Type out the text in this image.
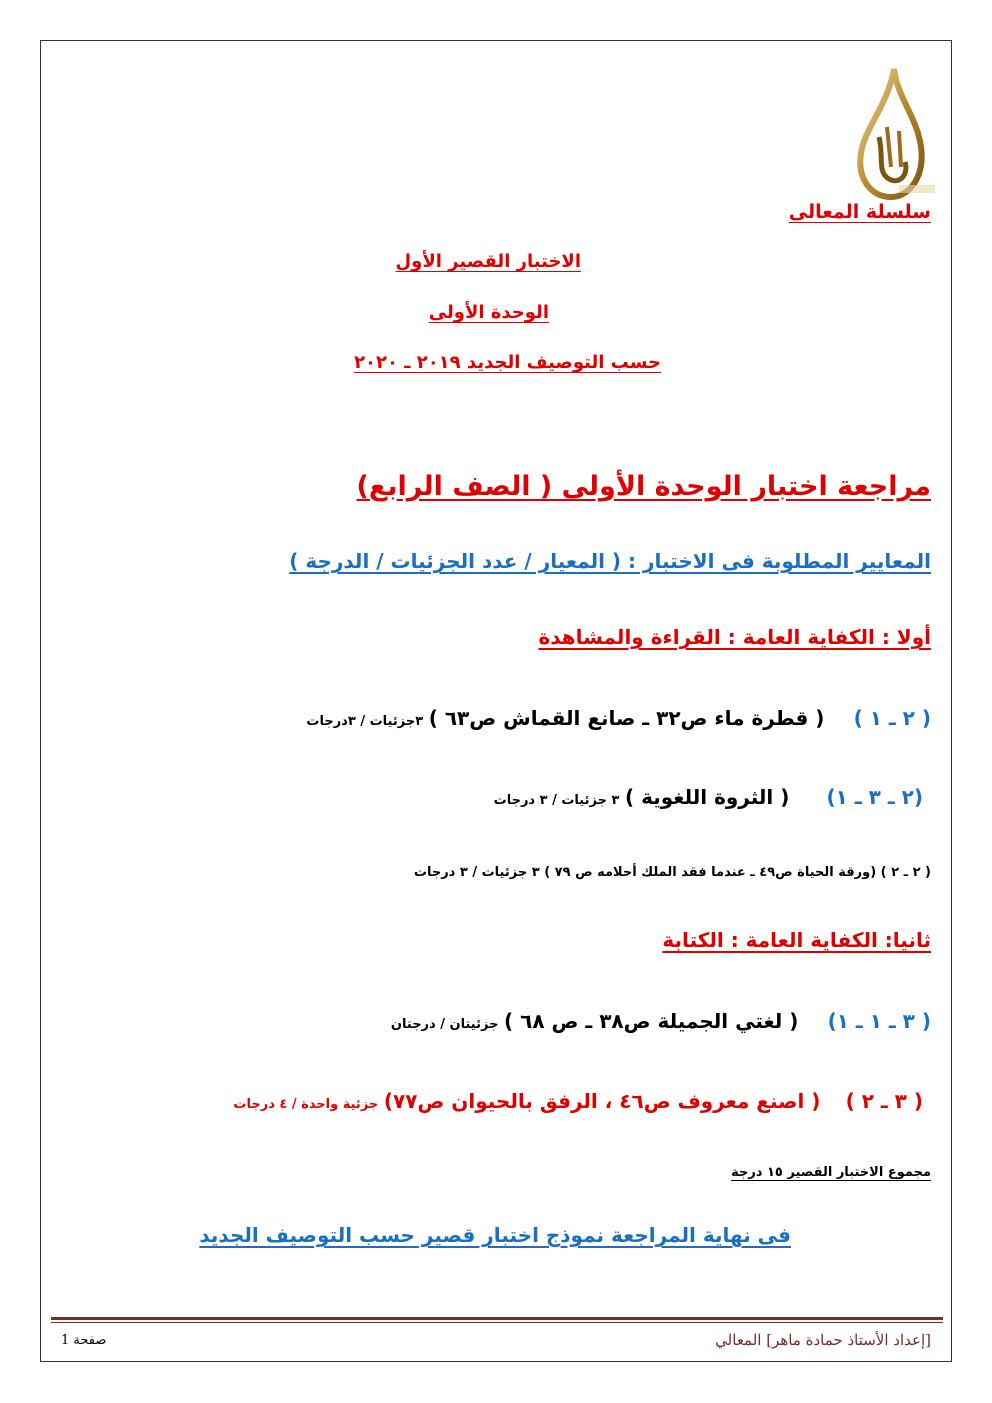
سلسلة المعالى
الاختبار القصير الأول
الوحدة الأولى
حسب التوصيف الجديد ٢٠١٩ ـ ٢٠٢٠
مراجعة اختبار الوحدة الأولى ( الصف الرابع)
المعايير المطلوبة فى الاختبار : ( المعيار / عدد الجزئيات / الدرجة )
أولا : الكفاية العامة : القراءة والمشاهدة
( ٢ ـ ١ )  ( قطرة ماء ص٣٢ ـ صانع القماش ص٦٣ ) ٣جزئيات / ٣درجات
(٢ ـ ٣ ـ ١)  ( الثروة اللغوية ) ٣ جزئيات / ٣ درجات
( ٢ ـ ٢ ) (ورقة الحياة ص٤٩ ـ عندما فقد الملك أحلامه ص ٧٩ ) ٣ جزئيات / ٣ درجات
ثانيا: الكفاية العامة : الكتابة
( ٣ ـ ١ ـ ١)  ( لغتي الجميلة ص٣٨ ـ ص ٦٨ ) جزئيتان / درجتان
( ٣ ـ ٢ )  ( اصنع معروف ص٤٦ ، الرفق بالحيوان ص٧٧) جزئية واحدة / ٤ درجات
مجموع الاختبار القصير ١٥ درجة
فى نهاية المراجعة نموذج اختبار قصير حسب التوصيف الجديد
[إعداد الأستاذ حمادة ماهر] المعالي
صفحة 1
